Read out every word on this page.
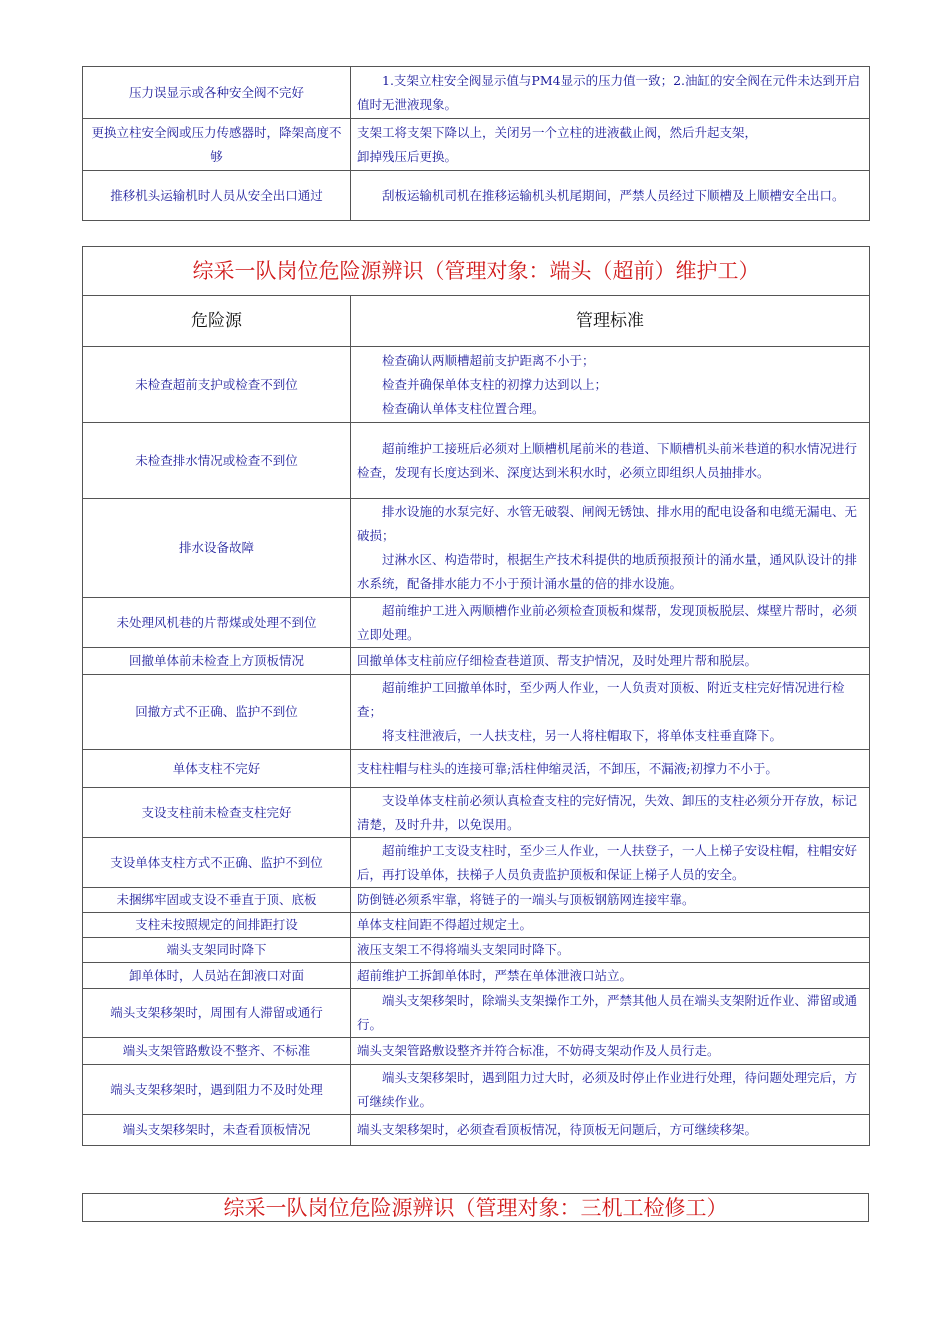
压力误显示或各种安全阀不完好	1.支架立柱安全阀显示值与PM4显示的压力值一致；2.油缸的安全阀在元件未达到开启值时无泄液现象。

更换立柱安全阀或压力传感器时，降架高度不够	支架工将支架下降以上，关闭另一个立柱的进液截止阀，然后升起支架，
卸掉残压后更换。

推移机头运输机时人员从安全出口通过	刮板运输机司机在推移运输机头机尾期间，严禁人员经过下顺槽及上顺槽安全出口。
综采一队岗位危险源辨识（管理对象：端头（超前）维护工）	
危险源	管理标准
未检查超前支护或检查不到位	检查确认两顺槽超前支护距离不小于；
检查并确保单体支柱的初撑力达到以上；
检查确认单体支柱位置合理。

未检查排水情况或检查不到位	超前维护工接班后必须对上顺槽机尾前米的巷道、下顺槽机头前米巷道的积水情况进行检查，发现有长度达到米、深度达到米积水时，必须立即组织人员抽排水。

排水设备故障	排水设施的水泵完好、水管无破裂、闸阀无锈蚀、排水用的配电设备和电缆无漏电、无破损；
过淋水区、构造带时，根据生产技术科提供的地质预报预计的涌水量，通风队设计的排水系统，配备排水能力不小于预计涌水量的倍的排水设施。

未处理风机巷的片帮煤或处理不到位	超前维护工进入两顺槽作业前必须检查顶板和煤帮，发现顶板脱层、煤壁片帮时，必须立即处理。

回撤单体前未检查上方顶板情况	回撤单体支柱前应仔细检查巷道顶、帮支护情况，及时处理片帮和脱层。

回撤方式不正确、监护不到位	超前维护工回撤单体时，至少两人作业，一人负责对顶板、附近支柱完好情况进行检查；
将支柱泄液后，一人扶支柱，另一人将柱帽取下，将单体支柱垂直降下。

单体支柱不完好	支柱柱帽与柱头的连接可靠;活柱伸缩灵活，不卸压，不漏液;初撑力不小于。

支设支柱前未检查支柱完好	支设单体支柱前必须认真检查支柱的完好情况，失效、卸压的支柱必须分开存放，标记清楚，及时升井，以免误用。

支设单体支柱方式不正确、监护不到位	超前维护工支设支柱时，至少三人作业，一人扶登子，一人上梯子安设柱帽，柱帽安好后，再打设单体，扶梯子人员负责监护顶板和保证上梯子人员的安全。

未捆绑牢固或支设不垂直于顶、底板	防倒链必须系牢靠，将链子的一端头与顶板钢筋网连接牢靠。

支柱未按照规定的间排距打设	单体支柱间距不得超过规定土。

端头支架同时降下	液压支架工不得将端头支架同时降下。

卸单体时，人员站在卸液口对面	超前维护工拆卸单体时，严禁在单体泄液口站立。

端头支架移架时，周围有人滞留或通行	端头支架移架时，除端头支架操作工外，严禁其他人员在端头支架附近作业、滞留或通行。

端头支架管路敷设不整齐、不标准	端头支架管路敷设整齐并符合标准，不妨碍支架动作及人员行走。

端头支架移架时，遇到阻力不及时处理	端头支架移架时，遇到阻力过大时，必须及时停止作业进行处理，待问题处理完后，方可继续作业。

端头支架移架时，未查看顶板情况	端头支架移架时，必须查看顶板情况，待顶板无问题后，方可继续移架。
综采一队岗位危险源辨识（管理对象：三机工检修工）
